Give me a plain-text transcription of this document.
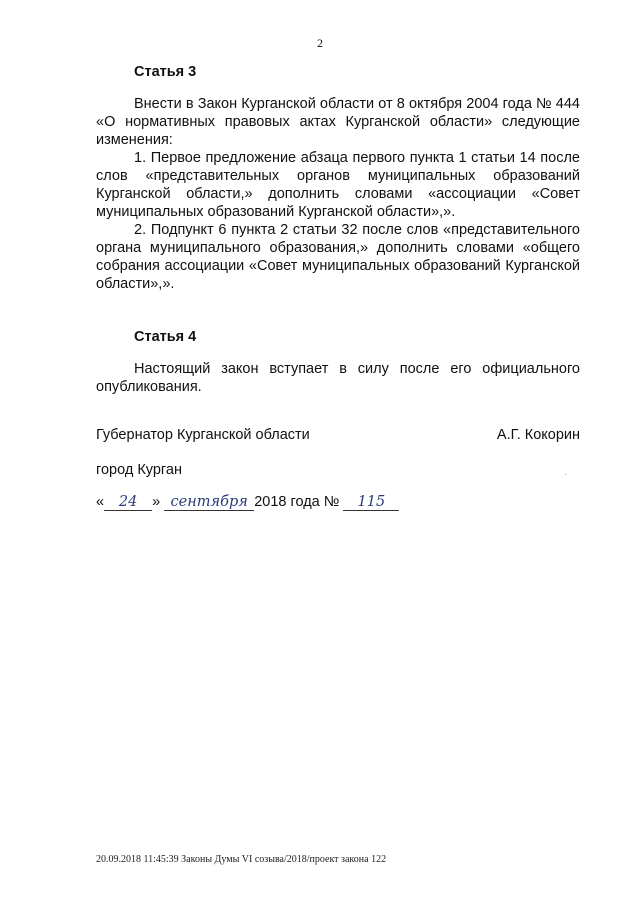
2

Статья 3

Внести в Закон Курганской области от 8 октября 2004 года № 444 «О нормативных правовых актах Курганской области» следующие изменения:

1. Первое предложение абзаца первого пункта 1 статьи 14 после слов «представительных органов муниципальных образований Курганской области,» дополнить словами «ассоциации «Совет муниципальных образований Курганской области»,».

2. Подпункт 6 пункта 2 статьи 32 после слов «представительного органа муниципального образования,» дополнить словами «общего собрания ассоциации «Совет муниципальных образований Курганской области»,».

Статья 4

Настоящий закон вступает в силу после его официального опубликования.

Губернатор Курганской области	А.Г. Кокорин
город Курган
« 24 » сентября 2018 года № 115
20.09.2018 11:45:39 Законы Думы VI созыва/2018/проект закона 122
